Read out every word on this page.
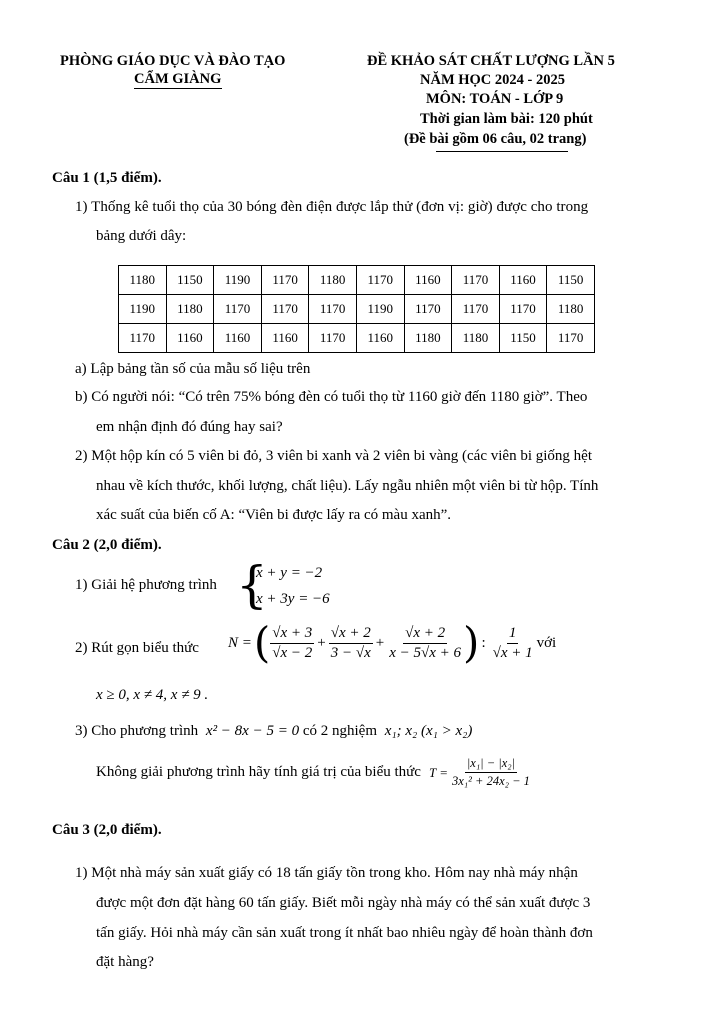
PHÒNG GIÁO DỤC VÀ ĐÀO TẠO
CẨM GIÀNG
ĐỀ KHẢO SÁT CHẤT LƯỢNG LẦN 5
NĂM HỌC 2024 - 2025
MÔN: TOÁN - LỚP 9
Thời gian làm bài: 120 phút
(Đề bài gồm 06 câu, 02 trang)
Câu 1 (1,5 điểm).
1) Thống kê tuổi thọ của 30 bóng đèn điện được lắp thử (đơn vị: giờ) được cho trong
bảng dưới dây:
1180	1150	1190	1170	1180	1170	1160	1170	1160	1150
1190	1180	1170	1170	1170	1190	1170	1170	1170	1180
1170	1160	1160	1160	1170	1160	1180	1180	1150	1170
a) Lập bảng tần số của mẫu số liệu trên
b) Có người nói: “Có trên 75% bóng đèn có tuổi thọ từ 1160 giờ đến 1180 giờ”. Theo
em nhận định đó đúng hay sai?
2) Một hộp kín có 5 viên bi đỏ, 3 viên bi xanh và 2 viên bi vàng (các viên bi giống hệt
nhau về kích thước, khối lượng, chất liệu). Lấy ngẫu nhiên một viên bi từ hộp. Tính
xác suất của biến cố A: “Viên bi được lấy ra có màu xanh”.
Câu 2 (2,0 điểm).
1) Giải hệ phương trình {
x + y = −2
x + 3y = −6
2) Rút gọn biểu thức N = ( $\frac{√x + 3}{√x - 2} + \frac{√x + 2}{3 - √x} + \frac{√x + 2}{x - 5√x + 6}$ ) : $\frac{1}{√x + 1}$ với
x ≥ 0, x ≠ 4, x ≠ 9 .
3) Cho phương trình x² − 8x − 5 = 0 có 2 nghiệm x₁; x₂ (x₁ > x₂)
Không giải phương trình hãy tính giá trị của biểu thức $T = \frac{\text{|x₁| − |x₂|}}{\text{3x₁² + 24x₂ − 1}}$
Câu 3 (2,0 điểm).
1) Một nhà máy sản xuất giấy có 18 tấn giấy tồn trong kho. Hôm nay nhà máy nhận
được một đơn đặt hàng 60 tấn giấy. Biết mỗi ngày nhà máy có thể sản xuất được 3
tấn giấy. Hỏi nhà máy cần sản xuất trong ít nhất bao nhiêu ngày để hoàn thành đơn
đặt hàng?
